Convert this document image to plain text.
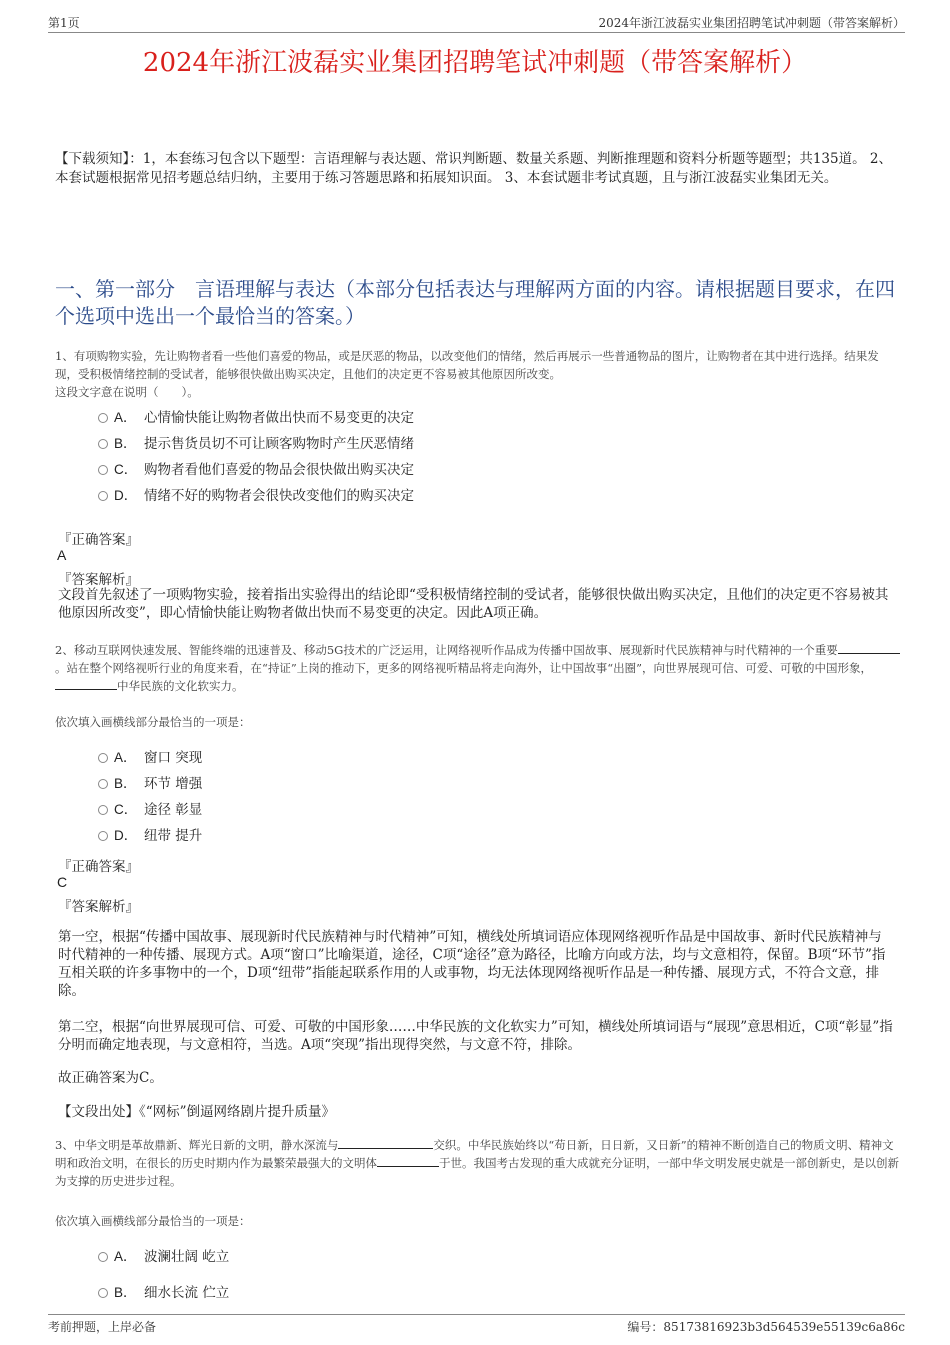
第1页	2024年浙江波磊实业集团招聘笔试冲刺题（带答案解析）
2024年浙江波磊实业集团招聘笔试冲刺题（带答案解析）
【下载须知】：1，本套练习包含以下题型：言语理解与表达题、常识判断题、数量关系题、判断推理题和资料分析题等题型；共135道。 2、本套试题根据常见招考题总结归纳，主要用于练习答题思路和拓展知识面。 3、本套试题非考试真题，且与浙江波磊实业集团无关。
一、第一部分　言语理解与表达（本部分包括表达与理解两方面的内容。请根据题目要求，在四个选项中选出一个最恰当的答案。）
1、有项购物实验，先让购物者看一些他们喜爱的物品，或是厌恶的物品，以改变他们的情绪，然后再展示一些普通物品的图片，让购物者在其中进行选择。结果发现，受积极情绪控制的受试者，能够很快做出购买决定，且他们的决定更不容易被其他原因所改变。
这段文字意在说明（　　）。
A． 心情愉快能让购物者做出快而不易变更的决定
B． 提示售货员切不可让顾客购物时产生厌恶情绪
C． 购物者看他们喜爱的物品会很快做出购买决定
D． 情绪不好的购物者会很快改变他们的购买决定
『正确答案』
A
『答案解析』
文段首先叙述了一项购物实验，接着指出实验得出的结论即“受积极情绪控制的受试者，能够很快做出购买决定，且他们的决定更不容易被其他原因所改变”，即心情愉快能让购物者做出快而不易变更的决定。因此A项正确。
2、移动互联网快速发展、智能终端的迅速普及、移动5G技术的广泛运用，让网络视听作品成为传播中国故事、展现新时代民族精神与时代精神的一个重要。站在整个网络视听行业的角度来看，在“持证”上岗的推动下，更多的网络视听精品将走向海外，让中国故事“出圈”，向世界展现可信、可爱、可敬的中国形象，中华民族的文化软实力。
依次填入画横线部分最恰当的一项是：
A． 窗口 突现
B． 环节 增强
C． 途径 彰显
D． 纽带 提升
『正确答案』
C
『答案解析』
第一空，根据“传播中国故事、展现新时代民族精神与时代精神”可知，横线处所填词语应体现网络视听作品是中国故事、新时代民族精神与时代精神的一种传播、展现方式。A项“窗口”比喻渠道，途径，C项“途径”意为路径，比喻方向或方法，均与文意相符，保留。B项“环节”指互相关联的许多事物中的一个，D项“纽带”指能起联系作用的人或事物，均无法体现网络视听作品是一种传播、展现方式，不符合文意，排除。
第二空，根据“向世界展现可信、可爱、可敬的中国形象……中华民族的文化软实力”可知，横线处所填词语与“展现”意思相近，C项“彰显”指分明而确定地表现，与文意相符，当选。A项“突现”指出现得突然，与文意不符，排除。
故正确答案为C。
【文段出处】《“网标”倒逼网络剧片提升质量》
3、中华文明是革故鼎新、辉光日新的文明，静水深流与	交织。中华民族始终以“苟日新，日日新，又日新”的精神不断创造自己的物质文明、精神文明和政治文明，在很长的历史时期内作为最繁荣最强大的文明体	于世。我国考古发现的重大成就充分证明，一部中华文明发展史就是一部创新史，是以创新为支撑的历史进步过程。
依次填入画横线部分最恰当的一项是：
A． 波澜壮阔 屹立
B． 细水长流 伫立
考前押题，上岸必备	编号：85173816923b3d564539e55139c6a86c
